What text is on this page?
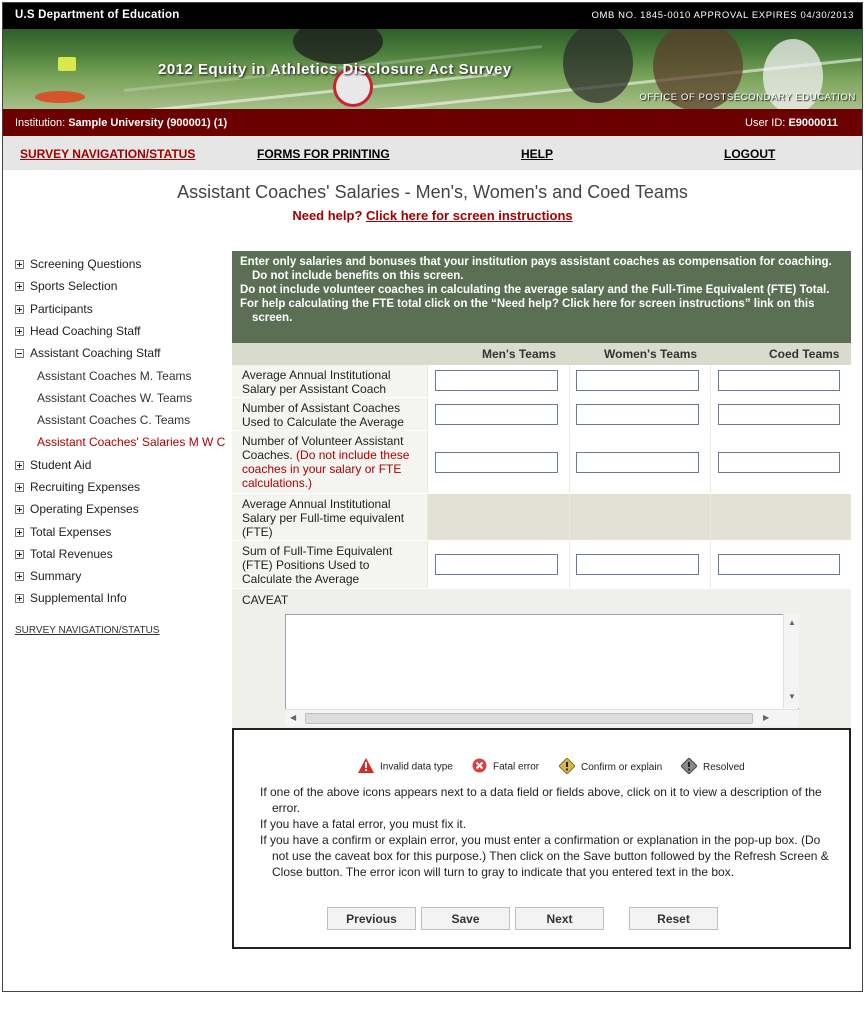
U.S Department of Education	OMB NO. 1845-0010 APPROVAL EXPIRES 04/30/2013
2012 Equity in Athletics Disclosure Act Survey
OFFICE OF POSTSECONDARY EDUCATION
Institution: Sample University (900001) (1)	User ID: E9000011
SURVEY NAVIGATION/STATUS	FORMS FOR PRINTING	HELP	LOGOUT
Assistant Coaches' Salaries - Men's, Women's and Coed Teams
Need help? Click here for screen instructions
Screening Questions
Sports Selection
Participants
Head Coaching Staff
Assistant Coaching Staff
Assistant Coaches M. Teams
Assistant Coaches W. Teams
Assistant Coaches C. Teams
Assistant Coaches' Salaries M W C
Student Aid
Recruiting Expenses
Operating Expenses
Total Expenses
Total Revenues
Summary
Supplemental Info
SURVEY NAVIGATION/STATUS

Enter only salaries and bonuses that your institution pays assistant coaches as compensation for coaching. Do not include benefits on this screen.

Do not include volunteer coaches in calculating the average salary and the Full-Time Equivalent (FTE) Total.

For help calculating the FTE total click on the “Need help? Click here for screen instructions” link on this screen.

Men's Teams	Women's Teams	Coed Teams
Average Annual Institutional Salary per Assistant Coach
Number of Assistant Coaches Used to Calculate the Average
Number of Volunteer Assistant Coaches. (Do not include these coaches in your salary or FTE calculations.)
Average Annual Institutional Salary per Full-time equivalent (FTE)
Sum of Full-Time Equivalent (FTE) Positions Used to Calculate the Average
CAVEAT
▲
▼
◀	▶
Invalid data type	Fatal error	Confirm or explain	Resolved

If one of the above icons appears next to a data field or fields above, click on it to view a description of the error.

If you have a fatal error, you must fix it.

If you have a confirm or explain error, you must enter a confirmation or explanation in the pop-up box. (Do not use the caveat box for this purpose.) Then click on the Save button followed by the Refresh Screen & Close button. The error icon will turn to gray to indicate that you entered text in the box.

Previous	Save	Next	Reset
